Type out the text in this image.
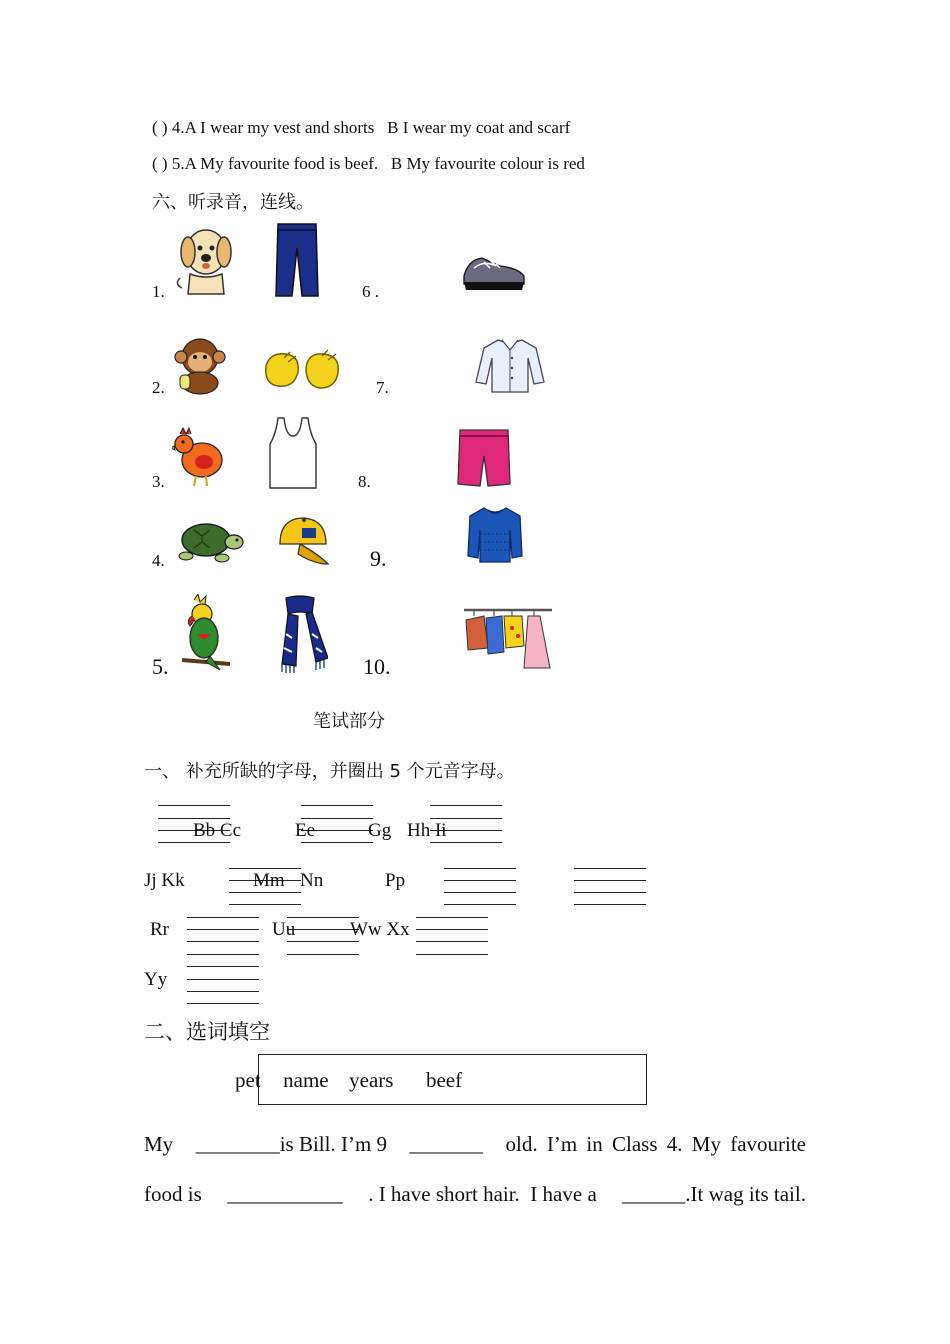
( ) 4.A I wear my vest and shorts   B I wear my coat and scarf
( ) 5.A My favourite food is beef.   B My favourite colour is red
六、听录音，连线。
1.
2.
3.
4.
5.
6 .
7.
8.
9.
10.
笔试部分
一、 补充所缺的字母，并圈出 5 个元音字母。
Bb Cc	Ee	Gg Hh Ii
Jj Kk	Mm Nn	Pp
Rr	Uu	Ww Xx
Yy
二、选词填空
pet name years beef
My ________is Bill. I’m 9 _______ old. I’m in Class 4. My favourite
food is ___________ . I have short hair.  I have a ______.It wag its tail.
